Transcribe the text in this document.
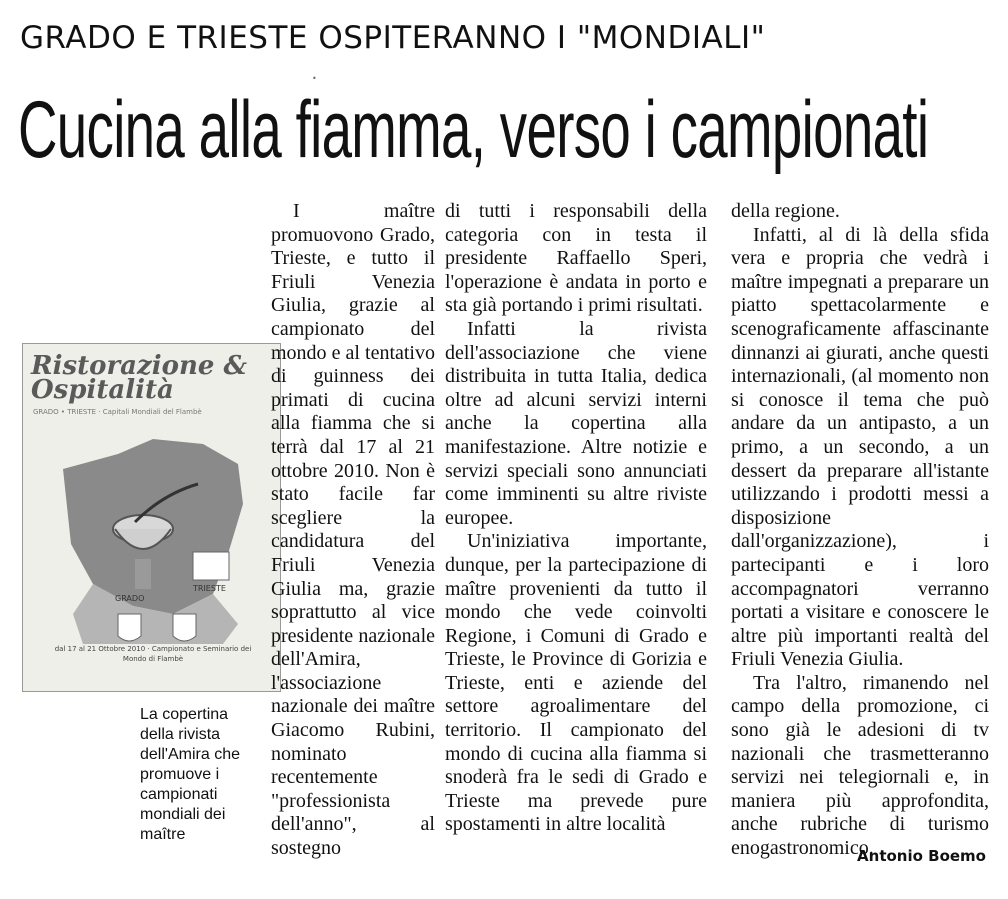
GRADO E TRIESTE OSPITERANNO I "MONDIALI"
Cucina alla fiamma, verso i campionati
•
Ristorazione & Ospitalità
GRADO • TRIESTE · Capitali Mondiali del Flambè
GRADO
TRIESTE
dal 17 al 21 Ottobre 2010 · Campionato e Seminario dei Mondo di Flambè

I maître promuovono Grado, Trieste, e tutto il Friuli Venezia Giulia, grazie al campionato del mondo e al tentativo di guinness dei primati di cucina alla fiamma che si terrà dal 17 al 21 ottobre 2010. Non è stato facile far scegliere la candidatura del Friuli Venezia Giulia ma, grazie soprattutto al vice presidente nazionale dell'Amira, l'associazione nazionale dei maître Giacomo Rubini, nominato recentemente "professionista dell'anno", al sostegno

di tutti i responsabili della categoria con in testa il presidente Raffaello Speri, l'operazione è andata in porto e sta già portando i primi risultati.

Infatti la rivista dell'associazione che viene distribuita in tutta Italia, dedica oltre ad alcuni servizi interni anche la copertina alla manifestazione. Altre notizie e servizi speciali sono annunciati come imminenti su altre riviste europee.

Un'iniziativa importante, dunque, per la partecipazione di maître provenienti da tutto il mondo che vede coinvolti Regione, i Comuni di Grado e Trieste, le Province di Gorizia e Trieste, enti e aziende del settore agroalimentare del territorio. Il campionato del mondo di cucina alla fiamma si snoderà fra le sedi di Grado e Trieste ma prevede pure spostamenti in altre località

della regione.

Infatti, al di là della sfida vera e propria che vedrà i maître impegnati a preparare un piatto spettacolarmente e scenograficamente affascinante dinnanzi ai giurati, anche questi internazionali, (al momento non si conosce il tema che può andare da un antipasto, a un primo, a un secondo, a un dessert da preparare all'istante utilizzando i prodotti messi a disposizione dall'organizzazione), i partecipanti e i loro accompagnatori verranno portati a visitare e conoscere le altre più importanti realtà del Friuli Venezia Giulia.

Tra l'altro, rimanendo nel campo della promozione, ci sono già le adesioni di tv nazionali che trasmetteranno servizi nei telegiornali e, in maniera più approfondita, anche rubriche di turismo enogastronomico.

La copertina della rivista dell'Amira che promuove i campionati mondiali dei maître
Antonio Boemo
